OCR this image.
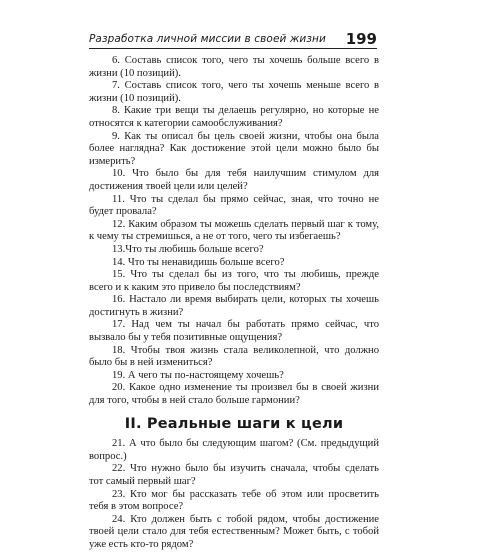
Разработка личной миссии в своей жизни 199

6. Составь список того, чего ты хочешь больше всего в жизни (10 позиций).

7. Составь список того, чего ты хочешь меньше всего в жизни (10 позиций).

8. Какие три вещи ты делаешь регулярно, но которые не относятся к категории самообслуживания?

9. Как ты описал бы цель своей жизни, чтобы она была более наглядна? Как достижение этой цели можно было бы измерить?

10. Что было бы для тебя наилучшим стимулом для достижения твоей цели или целей?

11. Что ты сделал бы прямо сейчас, зная, что точно не будет провала?

12. Каким образом ты можешь сделать первый шаг к тому, к чему ты стремишься, а не от того, чего ты избегаешь?

13.Что ты любишь больше всего?

14. Что ты ненавидишь больше всего?

15. Что ты сделал бы из того, что ты любишь, прежде всего и к каким это привело бы последствиям?

16. Настало ли время выбирать цели, которых ты хочешь достигнуть в жизни?

17. Над чем ты начал бы работать прямо сейчас, что вызвало бы у тебя позитивные ощущения?

18. Чтобы твоя жизнь стала великолепной, что должно было бы в ней измениться?

19. А чего ты по-настоящему хочешь?

20. Какое одно изменение ты произвел бы в своей жизни для того, чтобы в ней стало больше гармонии?

II. Реальные шаги к цели

21. А что было бы следующим шагом? (См. предыдущий вопрос.)

22. Что нужно было бы изучить сначала, чтобы сделать тот самый первый шаг?

23. Кто мог бы рассказать тебе об этом или просветить тебя в этом вопросе?

24. Кто должен быть с тобой рядом, чтобы достижение твоей цели стало для тебя естественным? Может быть, с тобой уже есть кто-то рядом?
